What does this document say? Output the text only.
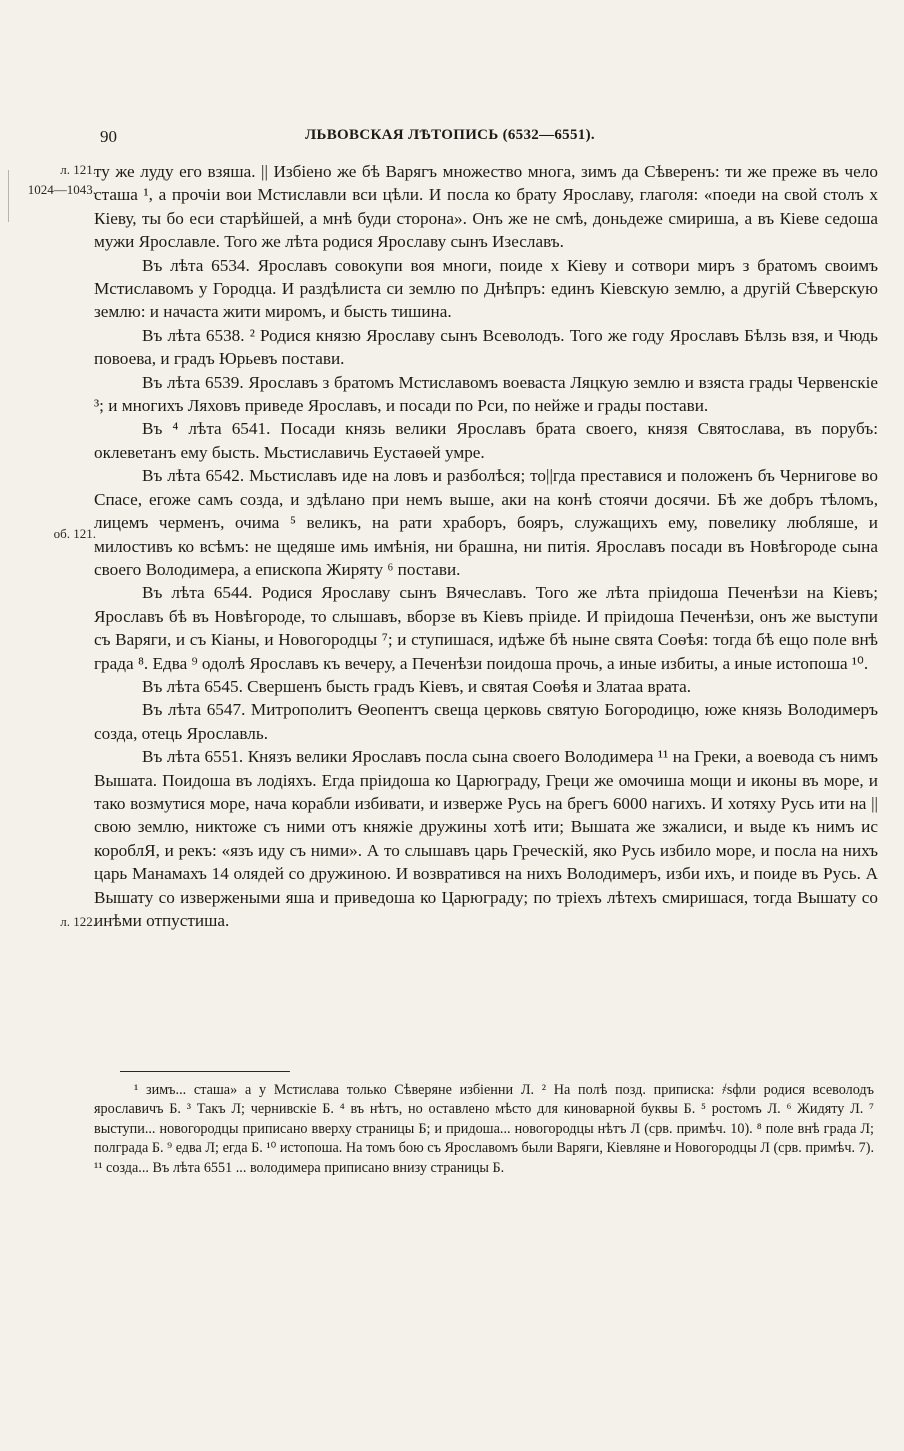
90	ЛЬВОВСКАЯ ЛѢТОПИСЬ (6532—6551).
л. 121.
1024—1043.
об. 121.
л. 122.

ту же луду его взяша. || Избіено же бѣ Варягъ множество многа, зимъ да Сѣверенъ: ти же преже въ чело сташа ¹, а прочіи вои Мстиславли вси цѣли. И посла ко брату Ярославу, глаголя: «поеди на свой столъ х Кіеву, ты бо еси старѣйшей, а мнѣ буди сторона». Онъ же не смѣ, доньдеже смириша, а въ Кіеве седоша мужи Ярославле. Того же лѣта родися Ярославу сынъ Изеславъ.

Въ лѣта 6534. Ярославъ совокупи воя многи, поиде х Кіеву и сотвори миръ з братомъ своимъ Мстиславомъ у Городца. И раздѣлиста си землю по Днѣпръ: единъ Кіевскую землю, а другій Сѣверскую землю: и начаста жити миромъ, и бысть тишина.

Въ лѣта 6538. ² Родися князю Ярославу сынъ Всеволодъ. Того же году Ярославъ Бѣлзь взя, и Чюдь повоева, и градъ Юрьевъ постави.

Въ лѣта 6539. Ярославъ з братомъ Мстиславомъ воеваста Ляцкую землю и взяста грады Червенскіе ³; и многихъ Ляховъ приведе Ярославъ, и посади по Рси, по нейже и грады постави.

Въ ⁴ лѣта 6541. Посади князь велики Ярославъ брата своего, князя Святослава, въ порубъ: оклеветанъ ему бысть. Мьстиславичь Еустаѳей умре.

Въ лѣта 6542. Мьстиславъ иде на ловъ и разболѣся; то||гда преставися и положенъ бъ Чернигове во Спасе, егоже самъ созда, и здѣлано при немъ выше, аки на конѣ стоячи досячи. Бѣ же добръ тѣломъ, лицемъ черменъ, очима ⁵ великъ, на рати храборъ, бояръ, служащихъ ему, повелику любляше, и милостивъ ко всѣмъ: не щедяше имь имѣнія, ни брашна, ни питія. Ярославъ посади въ Новѣгороде сына своего Володимера, а епископа Жиряту ⁶ постави.

Въ лѣта 6544. Родися Ярославу сынъ Вячеславъ. Того же лѣта пріидоша Печенѣзи на Кіевъ; Ярославъ бѣ въ Новѣгороде, то слышавъ, вборзе въ Кіевъ пріиде. И пріидоша Печенѣзи, онъ же выступи съ Варяги, и съ Кіаны, и Новогородцы ⁷; и ступишася, идѣже бѣ ныне свята Соѳѣя: тогда бѣ ещо поле внѣ града ⁸. Едва ⁹ одолѣ Ярославъ къ вечеру, а Печенѣзи поидоша прочь, а иные избиты, а иные истопоша ¹⁰.

Въ лѣта 6545. Свершенъ бысть градъ Кіевъ, и святая Соѳѣя и Златаа врата.

Въ лѣта 6547. Митрополитъ Ѳеопентъ свеща церковь святую Богородицю, юже князь Володимеръ созда, отець Ярославль.

Въ лѣта 6551. Князъ велики Ярославъ посла сына своего Володимера ¹¹ на Греки, а воевода съ нимъ Вышата. Поидоша въ лодіяхъ. Егда пріидоша ко Царюграду, Греци же омочиша мощи и иконы въ море, и тако возмутися море, нача корабли избивати, и изверже Русь на брегъ 6000 нагихъ. И хотяху Русь ити на || свою землю, никтоже съ ними отъ княжіе дружины хотѣ ити; Вышата же зжалиси, и выде къ нимъ ис короблЯ, и рекъ: «язъ иду съ ними». А то слышавъ царь Греческій, яко Русь избило море, и посла на нихъ царь Манамахъ 14 олядей со дружиною. И возвратився на нихъ Володимеръ, изби ихъ, и поиде въ Русь. А Вышату со извержеными яша и приведоша ко Царюграду; по тріехъ лѣтехъ смиришася, тогда Вышату со инѣми отпустиша.

¹ зимъ... сташа» а у Мстислава только Сѣверяне избіенни Л. ² На полѣ позд. приписка: ҂sфли родися всеволодъ ярославичъ Б. ³ Такъ Л; чернивскіе Б. ⁴ въ нѣтъ, но оставлено мѣсто для киноварной буквы Б. ⁵ ростомъ Л. ⁶ Жидяту Л. ⁷ выступи... новогородцы приписано вверху страницы Б; и придоша... новогородцы нѣтъ Л (срв. примѣч. 10). ⁸ поле внѣ града Л; полграда Б. ⁹ едва Л; егда Б. ¹⁰ истопоша. На томъ бою съ Ярославомъ были Варяги, Кіевляне и Новогородцы Л (срв. примѣч. 7). ¹¹ созда... Въ лѣта 6551 ... володимера приписано внизу страницы Б.
